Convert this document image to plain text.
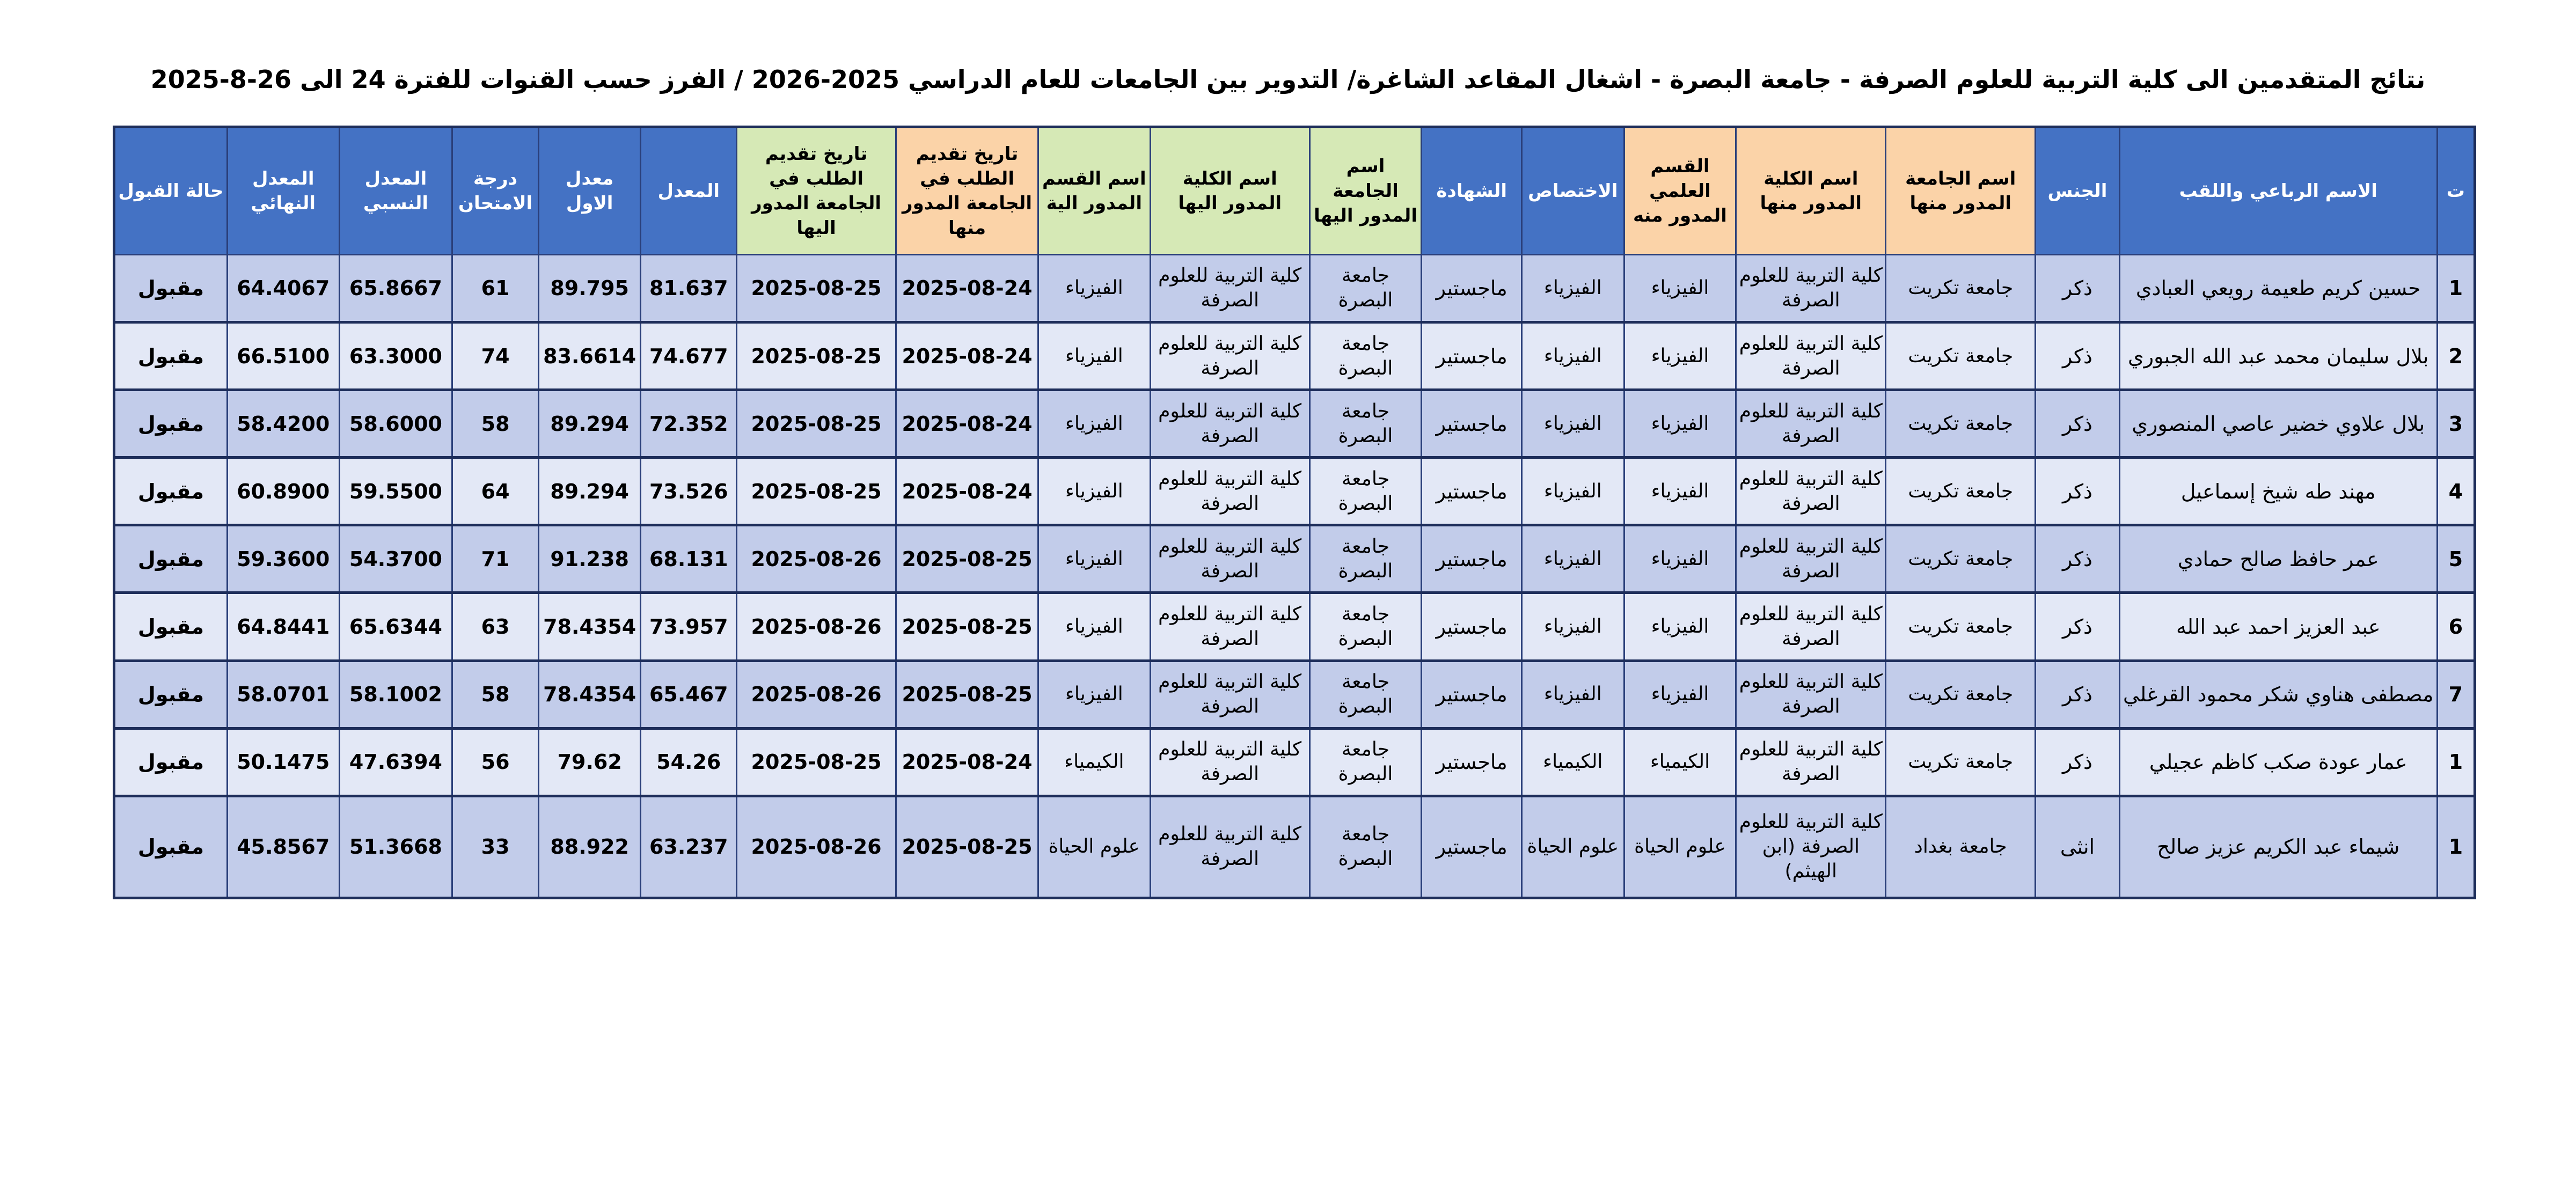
نتائج المتقدمين الى كلية التربية للعلوم الصرفة - جامعة البصرة - اشغال المقاعد الشاغرة/ التدوير بين الجامعات للعام الدراسي 2025-2026 / الفرز حسب القنوات للفترة 24 الى 26-8-2025
ت	الاسم الرباعي واللقب	الجنس	اسم الجامعة المدور منها	اسم الكلية المدور منها	القسم العلمي المدور منه	الاختصاص	الشهادة	اسم الجامعة المدور اليها	اسم الكلية المدور اليها	اسم القسم المدور الية	تاريخ تقديم الطلب في الجامعة المدور منها	تاريخ تقديم الطلب في الجامعة المدور اليها	المعدل	معدل الاول	درجة الامتحان	المعدل النسبي	المعدل النهائي	حالة القبول
1	حسين كريم طعيمة رويعي العبادي	ذكر	جامعة تكريت	كلية التربية للعلوم الصرفة	الفيزياء	الفيزياء	ماجستير	جامعة البصرة	كلية التربية للعلوم الصرفة	الفيزياء	2025-08-24	2025-08-25	81.637	89.795	61	65.8667	64.4067	مقبول
2	بلال سليمان محمد عبد الله الجبوري	ذكر	جامعة تكريت	كلية التربية للعلوم الصرفة	الفيزياء	الفيزياء	ماجستير	جامعة البصرة	كلية التربية للعلوم الصرفة	الفيزياء	2025-08-24	2025-08-25	74.677	83.6614	74	63.3000	66.5100	مقبول
3	بلال علاوي خضير عاصي المنصوري	ذكر	جامعة تكريت	كلية التربية للعلوم الصرفة	الفيزياء	الفيزياء	ماجستير	جامعة البصرة	كلية التربية للعلوم الصرفة	الفيزياء	2025-08-24	2025-08-25	72.352	89.294	58	58.6000	58.4200	مقبول
4	مهند طه شيخ إسماعيل	ذكر	جامعة تكريت	كلية التربية للعلوم الصرفة	الفيزياء	الفيزياء	ماجستير	جامعة البصرة	كلية التربية للعلوم الصرفة	الفيزياء	2025-08-24	2025-08-25	73.526	89.294	64	59.5500	60.8900	مقبول
5	عمر حافظ صالح حمادي	ذكر	جامعة تكريت	كلية التربية للعلوم الصرفة	الفيزياء	الفيزياء	ماجستير	جامعة البصرة	كلية التربية للعلوم الصرفة	الفيزياء	2025-08-25	2025-08-26	68.131	91.238	71	54.3700	59.3600	مقبول
6	عبد العزيز احمد عبد الله	ذكر	جامعة تكريت	كلية التربية للعلوم الصرفة	الفيزياء	الفيزياء	ماجستير	جامعة البصرة	كلية التربية للعلوم الصرفة	الفيزياء	2025-08-25	2025-08-26	73.957	78.4354	63	65.6344	64.8441	مقبول
7	مصطفى هناوي شكر محمود القرغلي	ذكر	جامعة تكريت	كلية التربية للعلوم الصرفة	الفيزياء	الفيزياء	ماجستير	جامعة البصرة	كلية التربية للعلوم الصرفة	الفيزياء	2025-08-25	2025-08-26	65.467	78.4354	58	58.1002	58.0701	مقبول
1	عمار عودة صكب كاظم عجيلي	ذكر	جامعة تكريت	كلية التربية للعلوم الصرفة	الكيمياء	الكيمياء	ماجستير	جامعة البصرة	كلية التربية للعلوم الصرفة	الكيمياء	2025-08-24	2025-08-25	54.26	79.62	56	47.6394	50.1475	مقبول
1	شيماء عبد الكريم عزيز صالح	انثى	جامعة بغداد	كلية التربية للعلوم الصرفة (ابن الهيثم)	علوم الحياة	علوم الحياة	ماجستير	جامعة البصرة	كلية التربية للعلوم الصرفة	علوم الحياة	2025-08-25	2025-08-26	63.237	88.922	33	51.3668	45.8567	مقبول
